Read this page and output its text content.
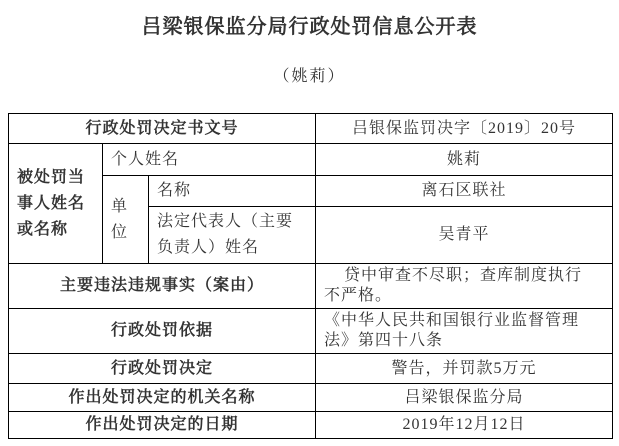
吕梁银保监分局行政处罚信息公开表
（姚莉）
行政处罚决定书文号			吕银保监罚决字〔2019〕20号

被处罚当事人姓名或名称	个人姓名		姚莉

	单位	名称	离石区联社

		法定代表人（主要负责人）姓名	吴青平
主要违法违规事实（案由）			贷中审查不尽职；查库制度执行不严格。

行政处罚依据			《中华人民共和国银行业监督管理法》第四十八条

行政处罚决定			警告，并罚款5万元
作出处罚决定的机关名称			吕梁银保监分局
作出处罚决定的日期			2019年12月12日
